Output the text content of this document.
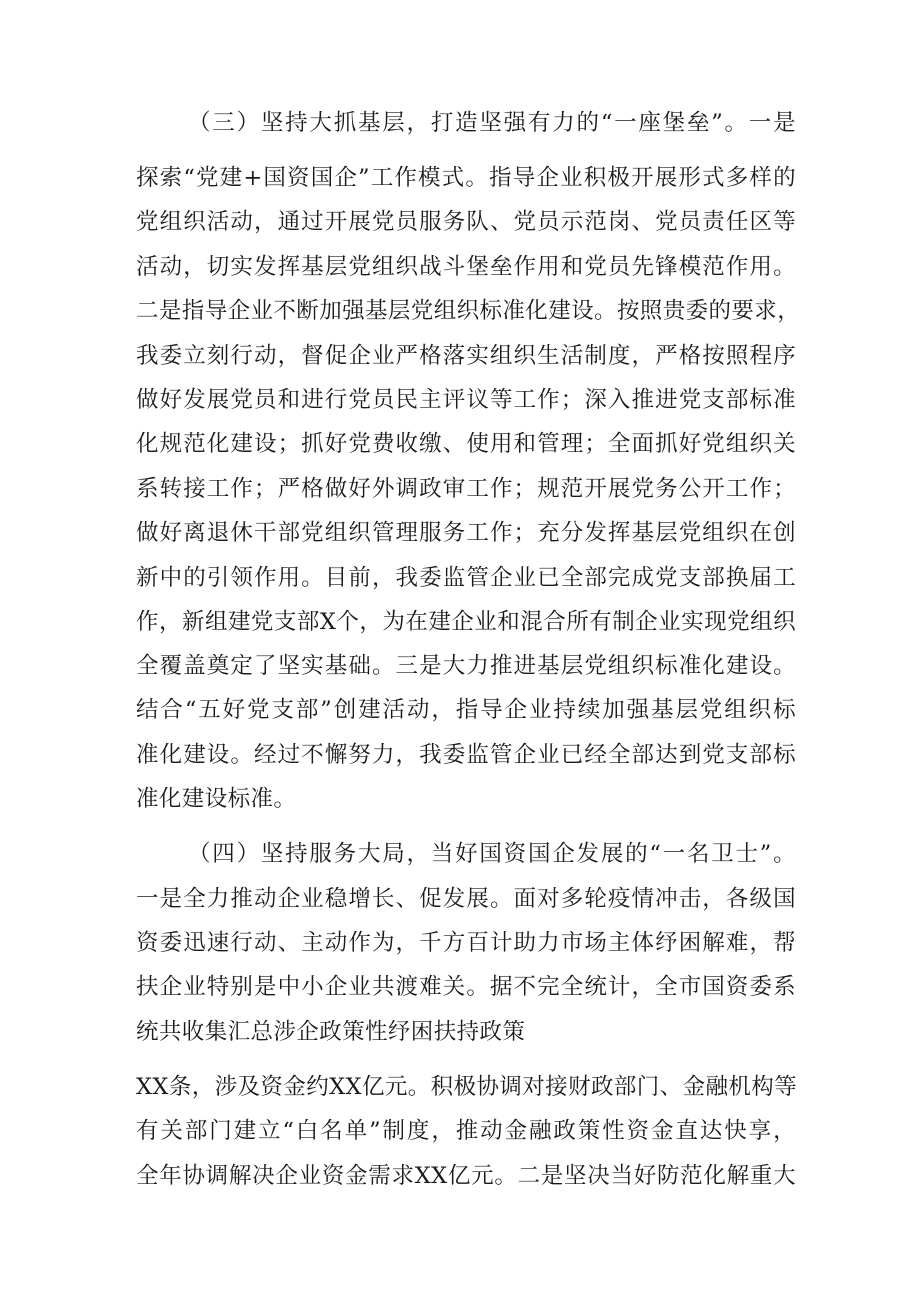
（三）坚持大抓基层，打造坚强有力的“一座堡垒”。一是
探索“党建+国资国企”工作模式。指导企业积极开展形式多样的
党组织活动，通过开展党员服务队、党员示范岗、党员责任区等
活动，切实发挥基层党组织战斗堡垒作用和党员先锋模范作用。
二是指导企业不断加强基层党组织标准化建设。按照贵委的要求，
我委立刻行动，督促企业严格落实组织生活制度，严格按照程序
做好发展党员和进行党员民主评议等工作；深入推进党支部标准
化规范化建设；抓好党费收缴、使用和管理；全面抓好党组织关
系转接工作；严格做好外调政审工作；规范开展党务公开工作；
做好离退休干部党组织管理服务工作；充分发挥基层党组织在创
新中的引领作用。目前，我委监管企业已全部完成党支部换届工
作，新组建党支部X个，为在建企业和混合所有制企业实现党组织
全覆盖奠定了坚实基础。三是大力推进基层党组织标准化建设。
结合“五好党支部”创建活动，指导企业持续加强基层党组织标
准化建设。经过不懈努力，我委监管企业已经全部达到党支部标
准化建设标准。
（四）坚持服务大局，当好国资国企发展的“一名卫士”。
一是全力推动企业稳增长、促发展。面对多轮疫情冲击，各级国
资委迅速行动、主动作为，千方百计助力市场主体纾困解难，帮
扶企业特别是中小企业共渡难关。据不完全统计，全市国资委系
统共收集汇总涉企政策性纾困扶持政策
XX条，涉及资金约XX亿元。积极协调对接财政部门、金融机构等
有关部门建立“白名单”制度，推动金融政策性资金直达快享，
全年协调解决企业资金需求XX亿元。二是坚决当好防范化解重大
